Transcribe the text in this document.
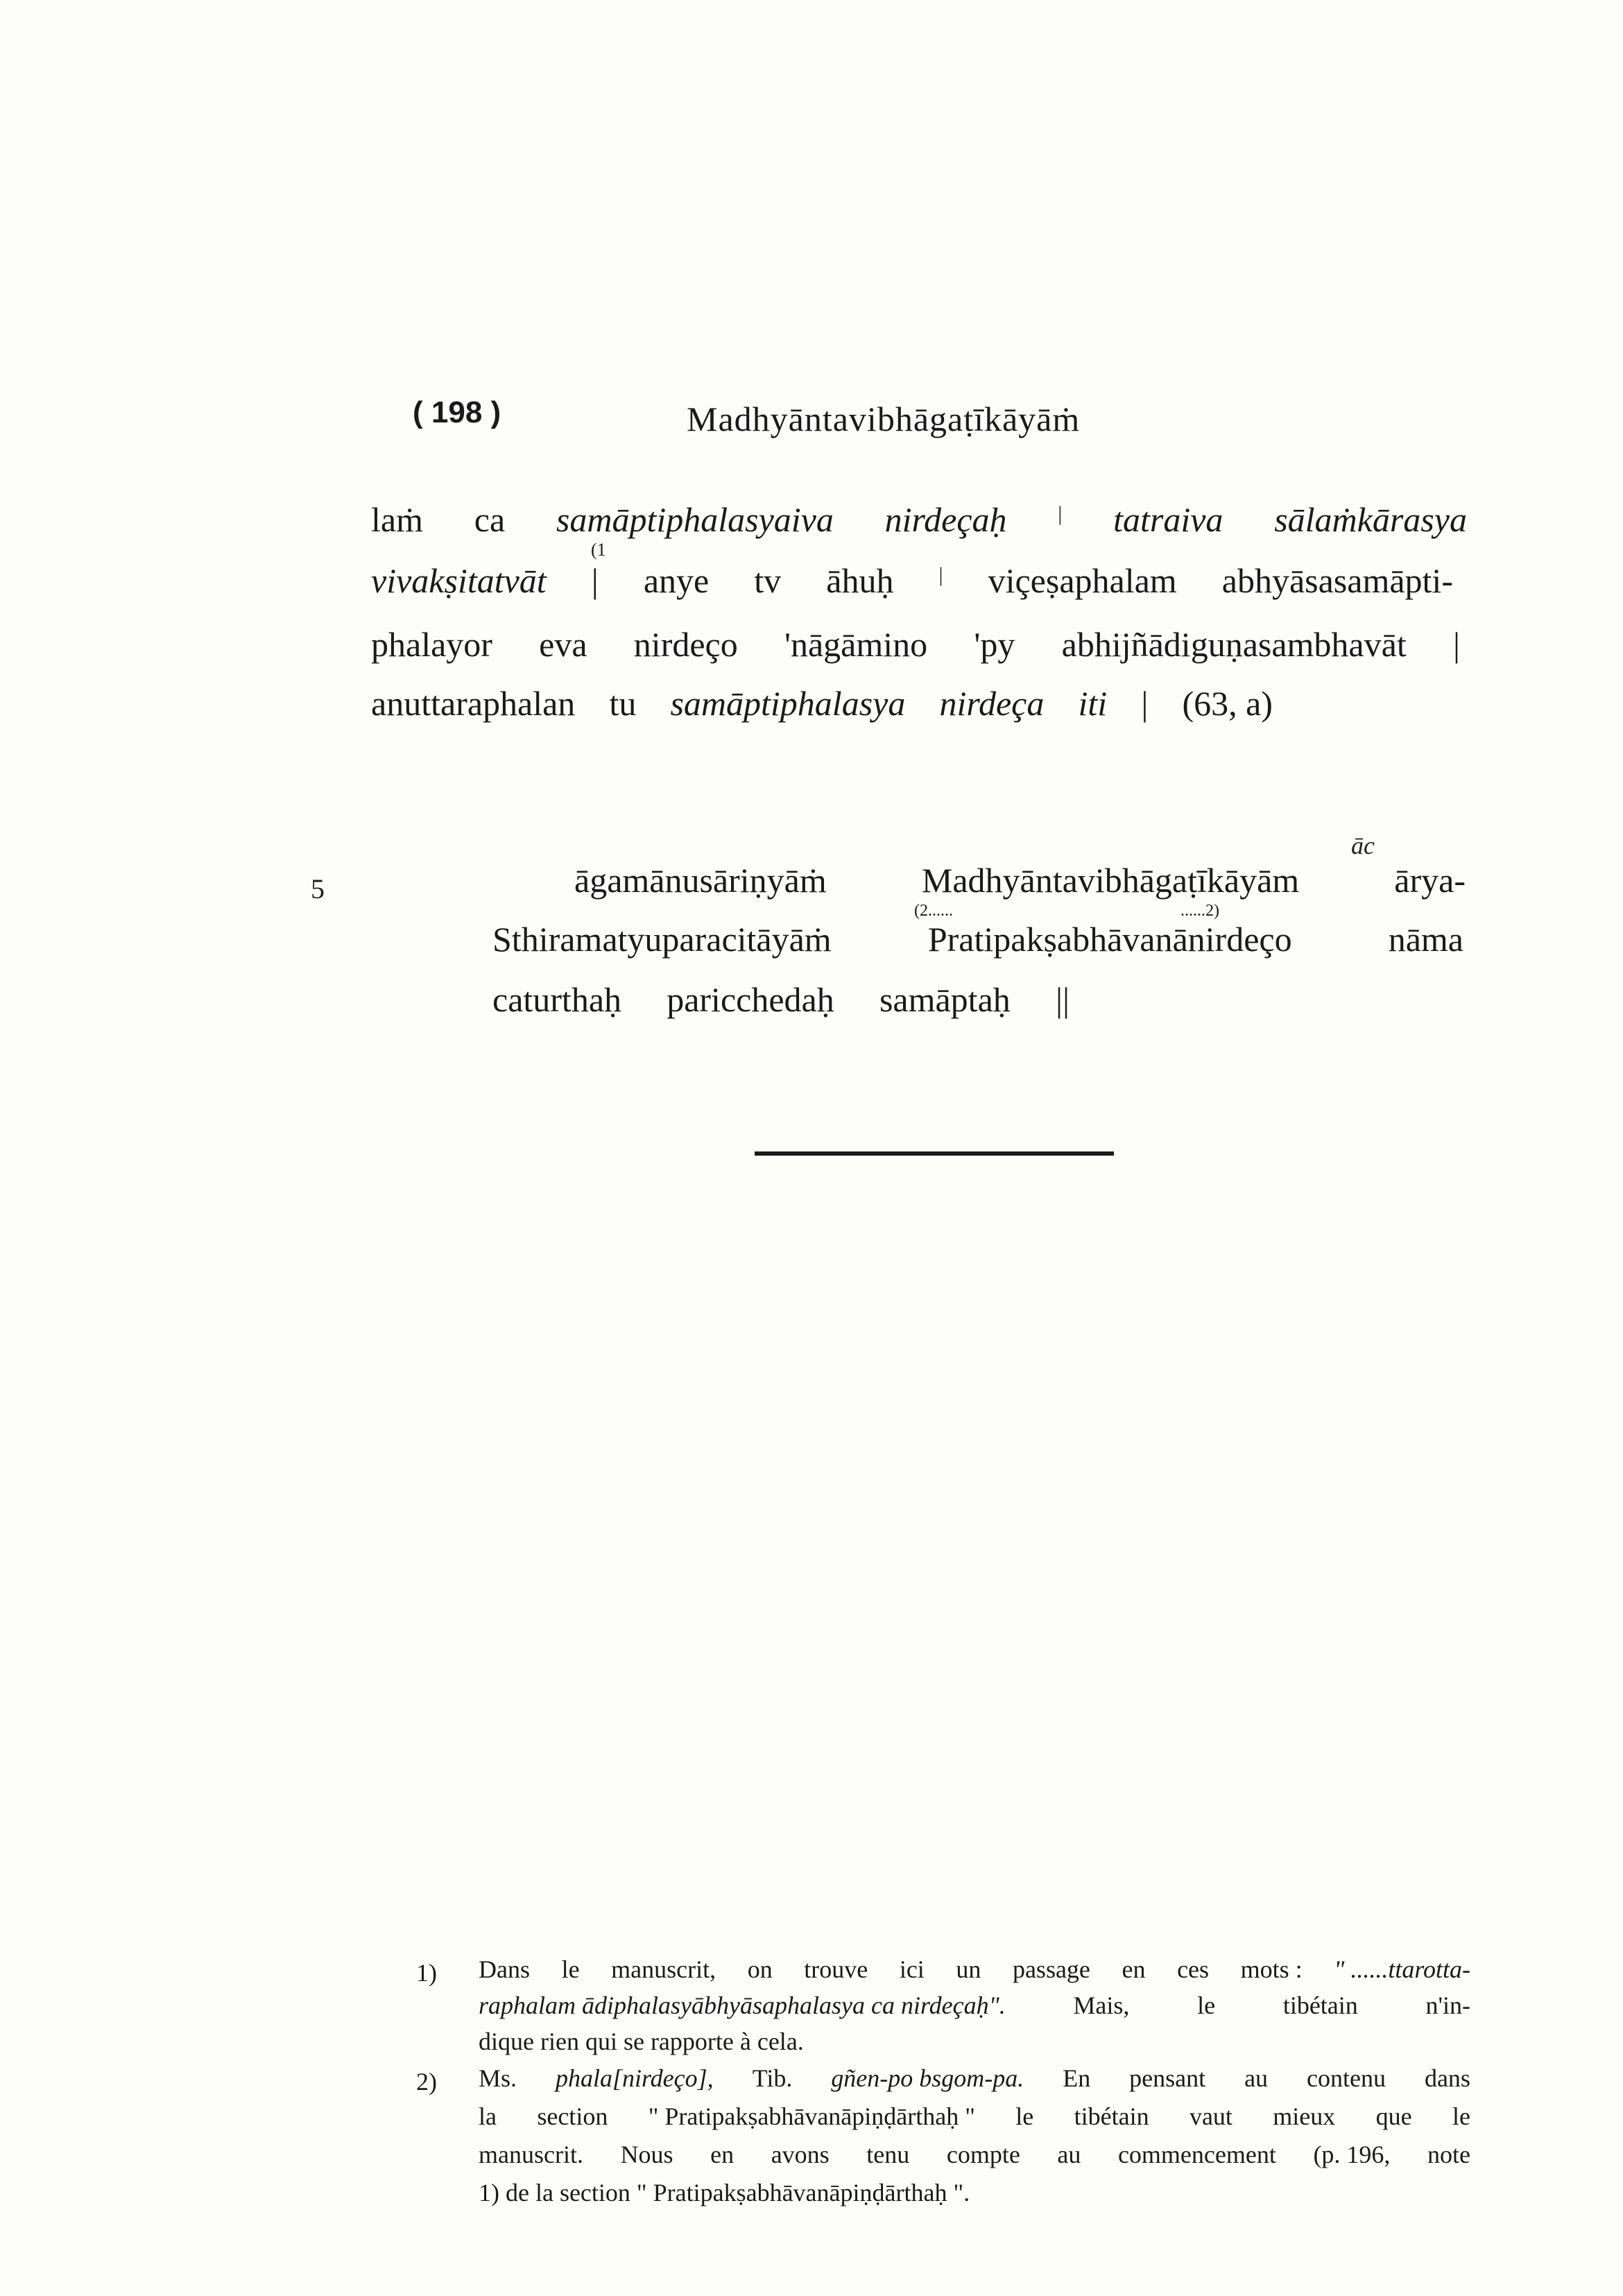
( 198 )	Madhyāntavibhāgaṭīkāyāṁ
laṁ ca samāptiphalasyaiva nirdeçaḥ | tatraiva sālaṁkārasya
(1
vivakṣitatvāt | anye tv āhuḥ | viçeṣaphalam abhyāsasamāpti-
phalayor eva nirdeço 'nāgāmino 'py abhijñādiguṇasambhavāt |
anuttaraphalan tu samāptiphalasya nirdeça iti | (63, a)
5
āc
āgamānusāriṇyāṁ	Madhyāntavibhāgaṭīkāyām	ārya-
(2......	......2)
Sthiramatyuparacitāyāṁ	Pratipakṣabhāvanānirdeço	nāma
caturthaḥ paricchedaḥ samāptaḥ ||
1) Dans le manuscrit, on trouve ici un passage en ces mots : " ......ttarotta-
raphalam ādiphalasyābhyāsaphalasya ca nirdeçaḥ".	Mais,	le	tibétain	n'in-
dique rien qui se rapporte à cela.
2) Ms. phala[nirdeço], Tib. gñen-po bsgom-pa. En pensant au contenu dans
la section " Pratipakṣabhāvanāpiṇḍārthaḥ " le tibétain vaut mieux que le
manuscrit. Nous en avons tenu compte au commencement (p. 196, note
1) de la section " Pratipakṣabhāvanāpiṇḍārthaḥ ".
